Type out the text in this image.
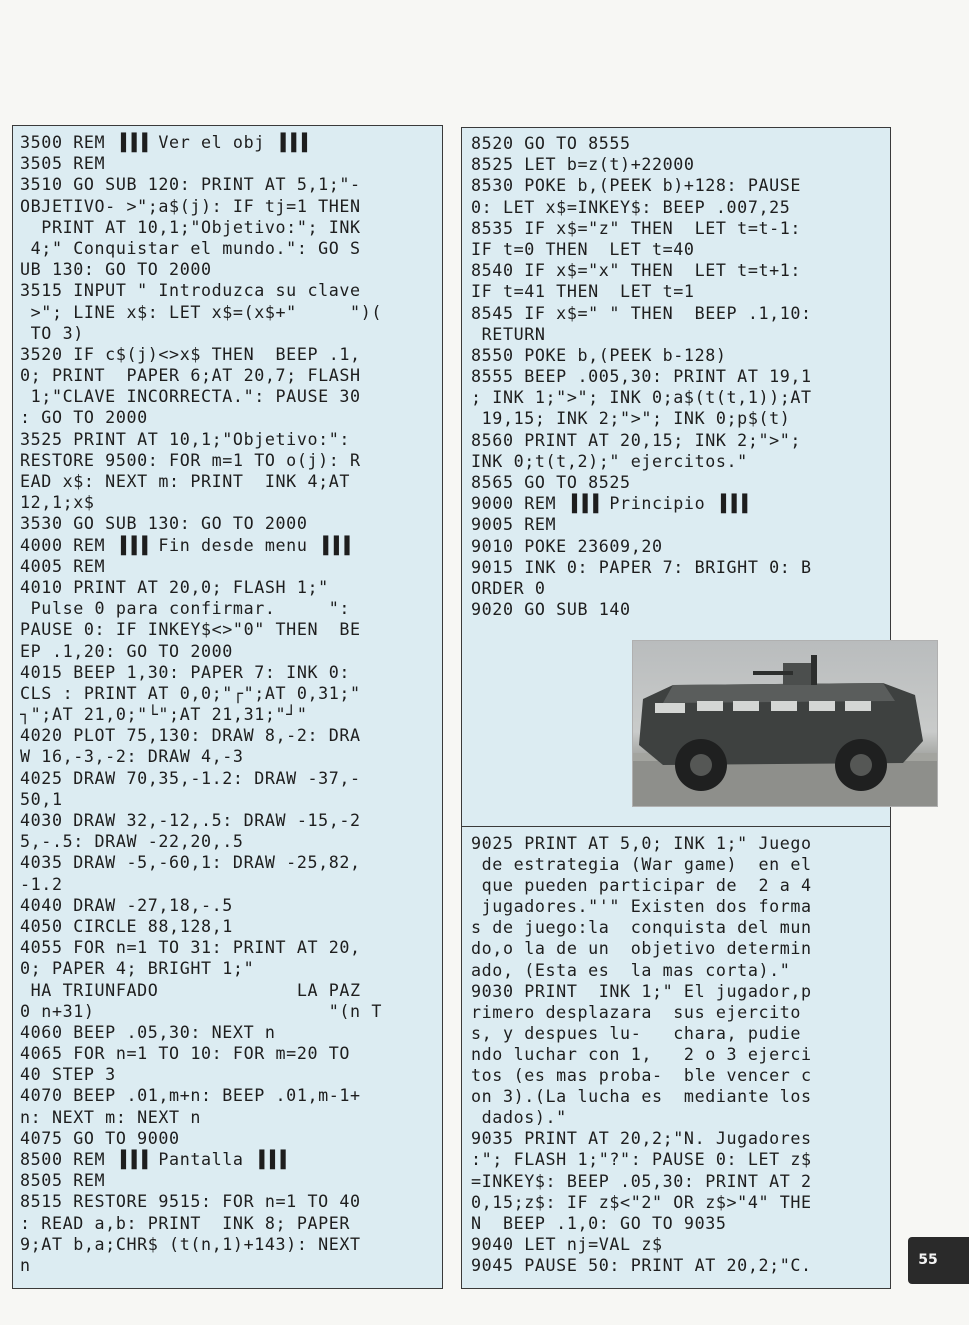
3500 REM ▐▐▐ Ver el obj ▐▐▐
3505 REM
3510 GO SUB 120: PRINT AT 5,1;"-
OBJETIVO- >";a$(j): IF tj=1 THEN
PRINT AT 10,1;"Objetivo:"; INK
4;" Conquistar el mundo.": GO S
UB 130: GO TO 2000
3515 INPUT " Introduzca su clave
>"; LINE x$: LET x$=(x$+"     ")(
TO 3)
3520 IF c$(j)<>x$ THEN  BEEP .1,
0; PRINT  PAPER 6;AT 20,7; FLASH
1;"CLAVE INCORRECTA.": PAUSE 30
: GO TO 2000
3525 PRINT AT 10,1;"Objetivo:":
RESTORE 9500: FOR m=1 TO o(j): R
EAD x$: NEXT m: PRINT  INK 4;AT
12,1;x$
3530 GO SUB 130: GO TO 2000
4000 REM ▐▐▐ Fin desde menu ▐▐▐
4005 REM
4010 PRINT AT 20,0; FLASH 1;"
Pulse 0 para confirmar.     ":
PAUSE 0: IF INKEY$<>"0" THEN  BE
EP .1,20: GO TO 2000
4015 BEEP 1,30: PAPER 7: INK 0:
CLS : PRINT AT 0,0;"┌";AT 0,31;"
┐";AT 21,0;"└";AT 21,31;"┘"
4020 PLOT 75,130: DRAW 8,-2: DRA
W 16,-3,-2: DRAW 4,-3
4025 DRAW 70,35,-1.2: DRAW -37,-
50,1
4030 DRAW 32,-12,.5: DRAW -15,-2
5,-.5: DRAW -22,20,.5
4035 DRAW -5,-60,1: DRAW -25,82,
-1.2
4040 DRAW -27,18,-.5
4050 CIRCLE 88,128,1
4055 FOR n=1 TO 31: PRINT AT 20,
0; PAPER 4; BRIGHT 1;"
HA TRIUNFADO             LA PAZ
0 n+31)                      "(n T
4060 BEEP .05,30: NEXT n
4065 FOR n=1 TO 10: FOR m=20 TO
40 STEP 3
4070 BEEP .01,m+n: BEEP .01,m-1+
n: NEXT m: NEXT n
4075 GO TO 9000
8500 REM ▐▐▐ Pantalla ▐▐▐
8505 REM
8515 RESTORE 9515: FOR n=1 TO 40
: READ a,b: PRINT  INK 8; PAPER
9;AT b,a;CHR$ (t(n,1)+143): NEXT
n
8520 GO TO 8555
8525 LET b=z(t)+22000
8530 POKE b,(PEEK b)+128: PAUSE
0: LET x$=INKEY$: BEEP .007,25
8535 IF x$="z" THEN  LET t=t-1:
IF t=0 THEN  LET t=40
8540 IF x$="x" THEN  LET t=t+1:
IF t=41 THEN  LET t=1
8545 IF x$=" " THEN  BEEP .1,10:
RETURN
8550 POKE b,(PEEK b-128)
8555 BEEP .005,30: PRINT AT 19,1
; INK 1;">"; INK 0;a$(t(t,1));AT
19,15; INK 2;">"; INK 0;p$(t)
8560 PRINT AT 20,15; INK 2;">";
INK 0;t(t,2);" ejercitos."
8565 GO TO 8525
9000 REM ▐▐▐ Principio ▐▐▐
9005 REM
9010 POKE 23609,20
9015 INK 0: PAPER 7: BRIGHT 0: B
ORDER 0
9020 GO SUB 140
9025 PRINT AT 5,0; INK 1;" Juego
de estrategia (War game)  en el
que pueden participar de  2 a 4
jugadores."'" Existen dos forma
s de juego:la  conquista del mun
do,o la de un  objetivo determin
ado, (Esta es  la mas corta)."
9030 PRINT  INK 1;" El jugador,p
rimero desplazara  sus ejercito
s, y despues lu-   chara, pudie
ndo luchar con 1,   2 o 3 ejerci
tos (es mas proba-  ble vencer c
on 3).(La lucha es  mediante los
dados)."
9035 PRINT AT 20,2;"N. Jugadores
:"; FLASH 1;"?": PAUSE 0: LET z$
=INKEY$: BEEP .05,30: PRINT AT 2
0,15;z$: IF z$<"2" OR z$>"4" THE
N  BEEP .1,0: GO TO 9035
9040 LET nj=VAL z$
9045 PAUSE 50: PRINT AT 20,2;"C.	55
